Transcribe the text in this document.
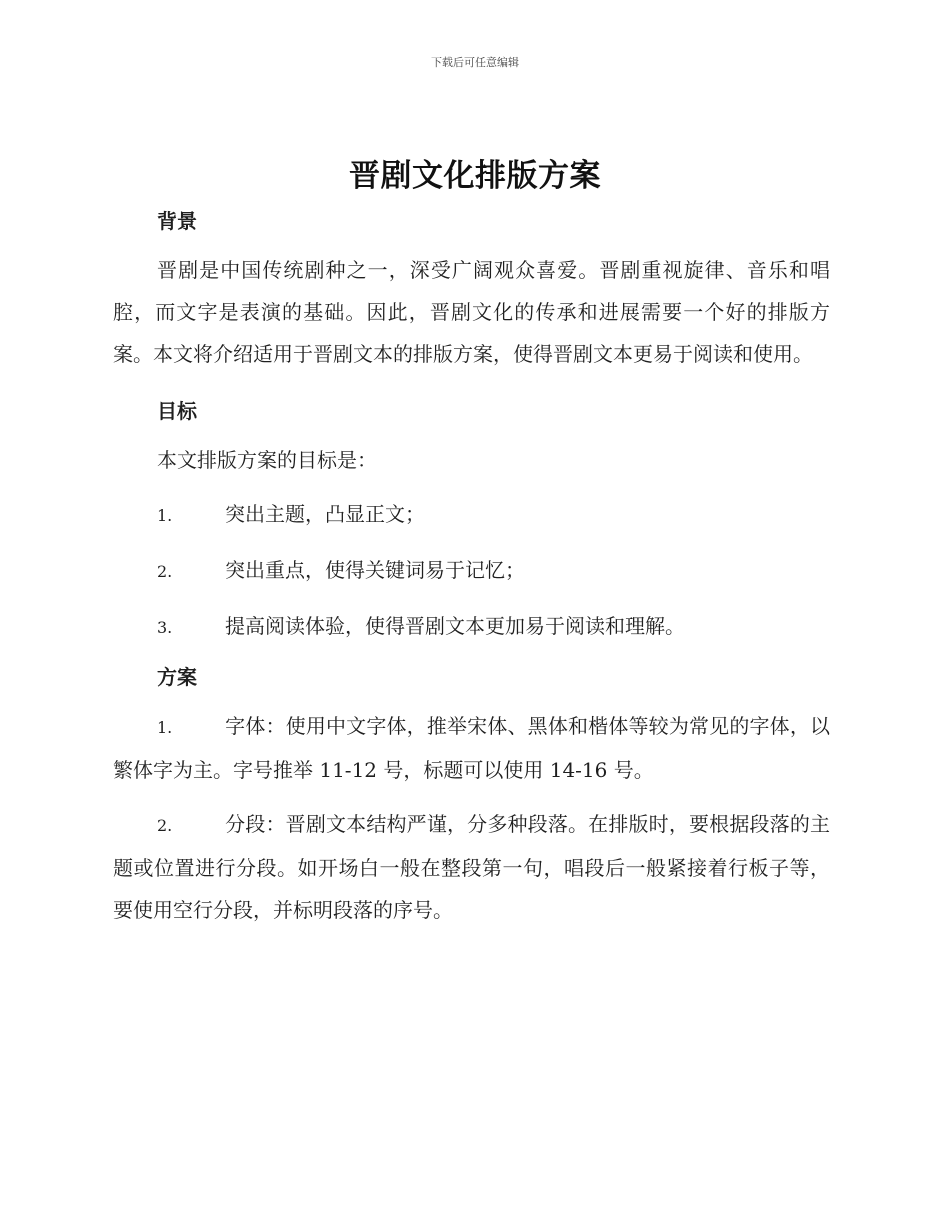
下载后可任意编辑
晋剧文化排版方案
背景

晋剧是中国传统剧种之一，深受广阔观众喜爱。晋剧重视旋律、音乐和唱腔，而文字是表演的基础。因此，晋剧文化的传承和进展需要一个好的排版方案。本文将介绍适用于晋剧文本的排版方案，使得晋剧文本更易于阅读和使用。

目标

本文排版方案的目标是：

1.	突出主题，凸显正文；

2.	突出重点，使得关键词易于记忆；

3.	提高阅读体验，使得晋剧文本更加易于阅读和理解。

方案

1.	字体：使用中文字体，推举宋体、黑体和楷体等较为常见的字体，以繁体字为主。字号推举 11-12 号，标题可以使用 14-16 号。

2.	分段：晋剧文本结构严谨，分多种段落。在排版时，要根据段落的主题或位置进行分段。如开场白一般在整段第一句，唱段后一般紧接着行板子等，要使用空行分段，并标明段落的序号。
